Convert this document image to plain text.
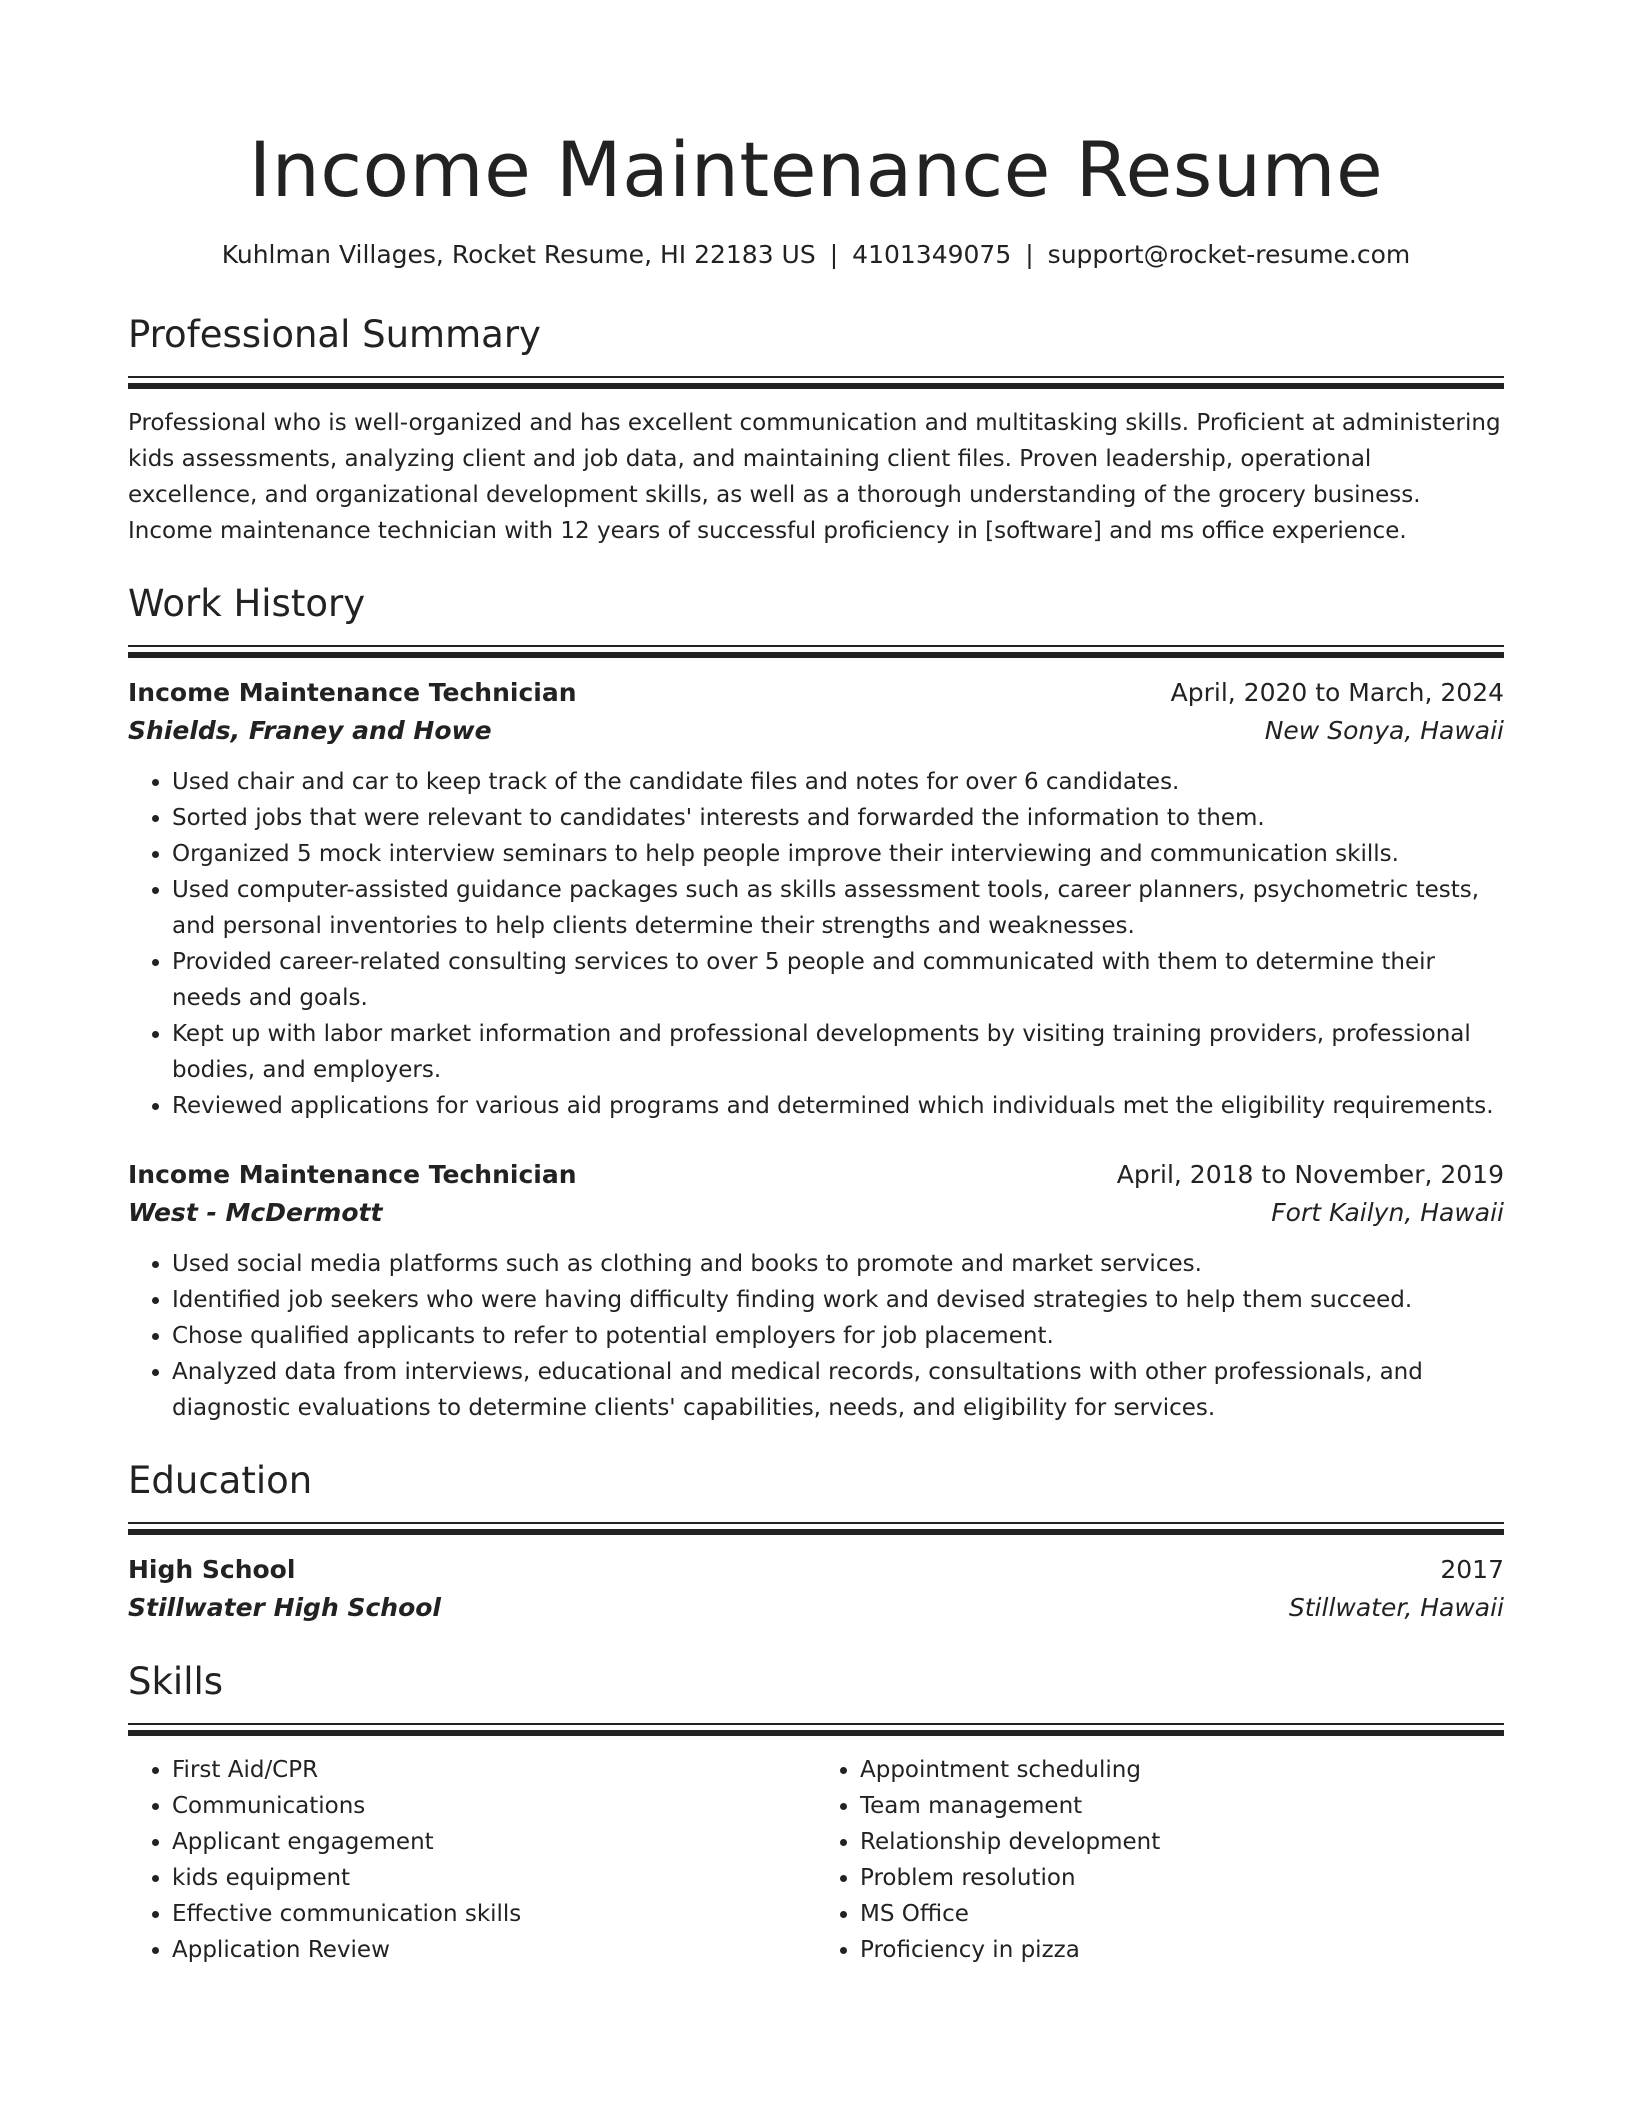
Income Maintenance Resume
Kuhlman Villages, Rocket Resume, HI 22183 US | 4101349075 | support@rocket-resume.com
Professional Summary

Professional who is well-organized and has excellent communication and multitasking skills. Proficient at administering kids assessments, analyzing client and job data, and maintaining client files. Proven leadership, operational excellence, and organizational development skills, as well as a thorough understanding of the grocery business. Income maintenance technician with 12 years of successful proficiency in [software] and ms office experience.

Work History
Income Maintenance Technician	April, 2020 to March, 2024
Shields, Franey and Howe	New Sonya, Hawaii
• Used chair and car to keep track of the candidate files and notes for over 6 candidates.
• Sorted jobs that were relevant to candidates' interests and forwarded the information to them.
• Organized 5 mock interview seminars to help people improve their interviewing and communication skills.
• Used computer-assisted guidance packages such as skills assessment tools, career planners, psychometric tests, and personal inventories to help clients determine their strengths and weaknesses.
• Provided career-related consulting services to over 5 people and communicated with them to determine their needs and goals.
• Kept up with labor market information and professional developments by visiting training providers, professional bodies, and employers.
• Reviewed applications for various aid programs and determined which individuals met the eligibility requirements.
Income Maintenance Technician	April, 2018 to November, 2019
West - McDermott	Fort Kailyn, Hawaii
• Used social media platforms such as clothing and books to promote and market services.
• Identified job seekers who were having difficulty finding work and devised strategies to help them succeed.
• Chose qualified applicants to refer to potential employers for job placement.
• Analyzed data from interviews, educational and medical records, consultations with other professionals, and diagnostic evaluations to determine clients' capabilities, needs, and eligibility for services.
Education
High School	2017
Stillwater High School	Stillwater, Hawaii
Skills
• First Aid/CPR
• Communications
• Applicant engagement
• kids equipment
• Effective communication skills
• Application Review
• Appointment scheduling
• Team management
• Relationship development
• Problem resolution
• MS Office
• Proficiency in pizza
